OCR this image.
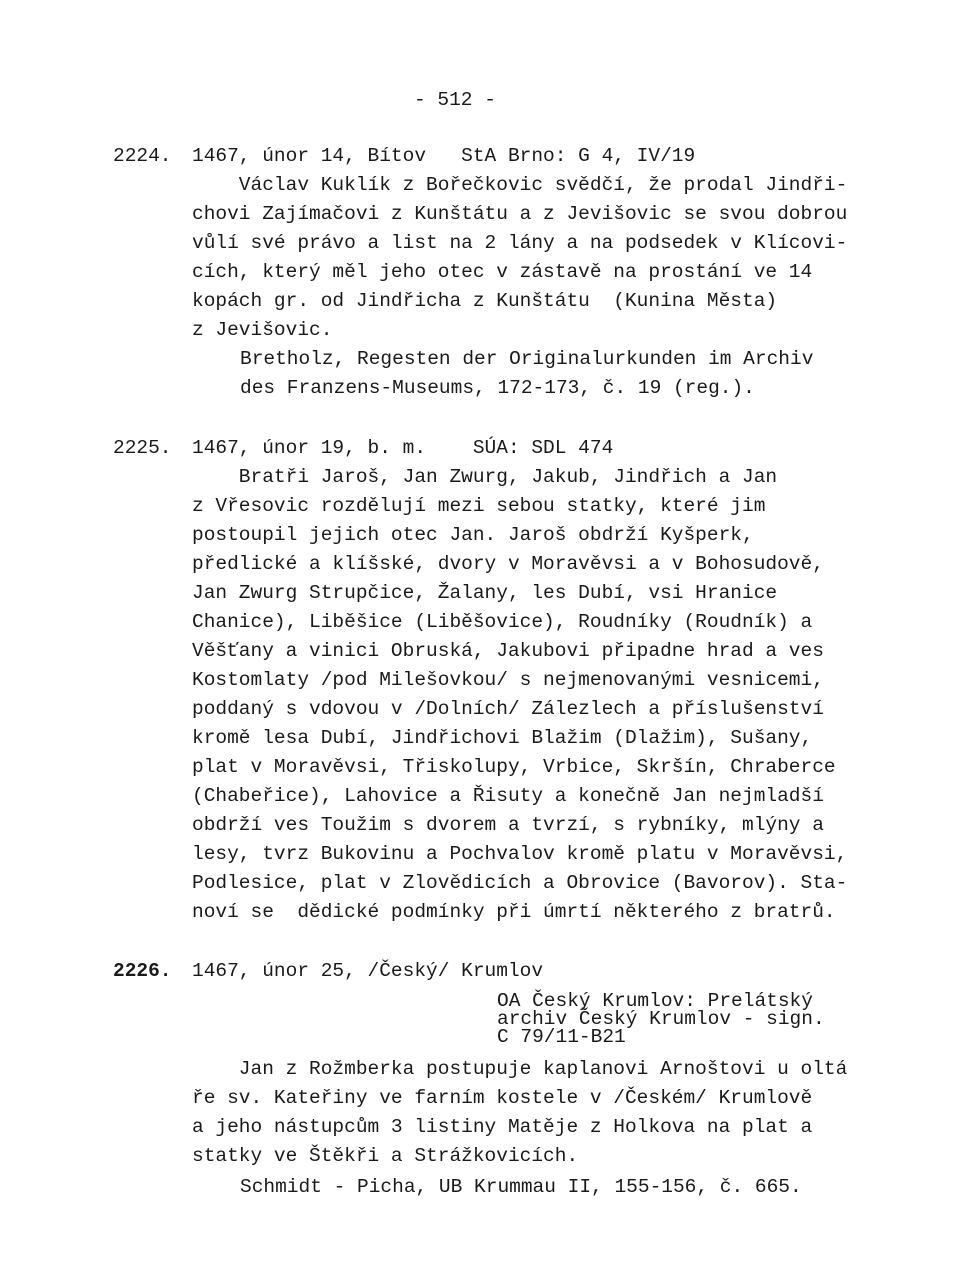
- 512 -

2224. 1467, únor 14, Bítov   StA Brno: G 4, IV/19

Václav Kuklík z Bořečkovic svědčí, že prodal Jindři-

chovi Zajímačovi z Kunštátu a z Jevišovic se svou dobrou

vůlí své právo a list na 2 lány a na podsedek v Klícovi-

cích, který měl jeho otec v zástavě na prostání ve 14

kopách gr. od Jindřicha z Kunštátu  (Kunina Města)

z Jevišovic.

Bretholz, Regesten der Originalurkunden im Archiv

des Franzens-Museums, 172-173, č. 19 (reg.).

2225. 1467, únor 19, b. m.    SÚA: SDL 474

Bratři Jaroš, Jan Zwurg, Jakub, Jindřich a Jan

z Vřesovic rozdělují mezi sebou statky, které jim

postoupil jejich otec Jan. Jaroš obdrží Kyšperk,

předlické a klíšské, dvory v Moravěvsi a v Bohosudově,

Jan Zwurg Strupčice, Žalany, les Dubí, vsi Hranice

Chanice), Liběšice (Liběšovice), Roudníky (Roudník) a

Věšťany a vinici Obruská, Jakubovi připadne hrad a ves

Kostomlaty /pod Milešovkou/ s nejmenovanými vesnicemi,

poddaný s vdovou v /Dolních/ Zálezlech a příslušenství

kromě lesa Dubí, Jindřichovi Blažim (Dlažim), Sušany,

plat v Moravěvsi, Třiskolupy, Vrbice, Skršín, Chraberce

(Chabeřice), Lahovice a Řisuty a konečně Jan nejmladší

obdrží ves Toužim s dvorem a tvrzí, s rybníky, mlýny a

lesy, tvrz Bukovinu a Pochvalov kromě platu v Moravěvsi,

Podlesice, plat v Zlovědicích a Obrovice (Bavorov). Sta-

noví se  dědické podmínky při úmrtí některého z bratrů.

2226. 1467, únor 25, /Český/ Krumlov

OA Český Krumlov: Prelátský

archiv Český Krumlov - sign.

C 79/11-B21

Jan z Rožmberka postupuje kaplanovi Arnoštovi u oltá

ře sv. Kateřiny ve farním kostele v /Českém/ Krumlově

a jeho nástupcům 3 listiny Matěje z Holkova na plat a

statky ve Štěkři a Strážkovicích.

Schmidt - Picha, UB Krummau II, 155-156, č. 665.
